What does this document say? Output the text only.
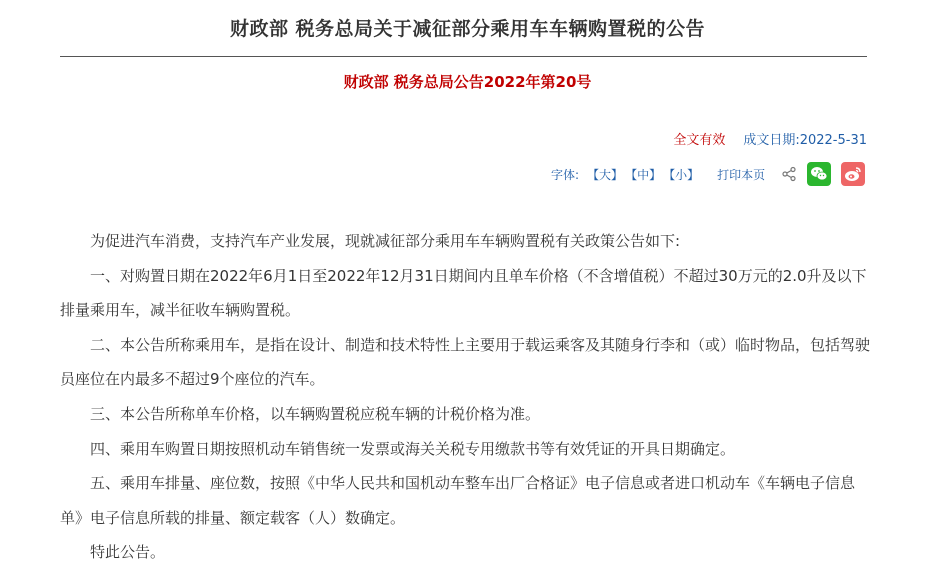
财政部 税务总局关于减征部分乘用车车辆购置税的公告
财政部 税务总局公告2022年第20号
全文有效 成文日期:2022-5-31
字体: 【大】 【中】 【小】 打印本页

为促进汽车消费，支持汽车产业发展，现就减征部分乘用车车辆购置税有关政策公告如下:

一、对购置日期在2022年6月1日至2022年12月31日期间内且单车价格（不含增值税）不超过30万元的2.0升及以下排量乘用车，减半征收车辆购置税。

二、本公告所称乘用车，是指在设计、制造和技术特性上主要用于载运乘客及其随身行李和（或）临时物品，包括驾驶员座位在内最多不超过9个座位的汽车。

三、本公告所称单车价格，以车辆购置税应税车辆的计税价格为准。

四、乘用车购置日期按照机动车销售统一发票或海关关税专用缴款书等有效凭证的开具日期确定。

五、乘用车排量、座位数，按照《中华人民共和国机动车整车出厂合格证》电子信息或者进口机动车《车辆电子信息单》电子信息所载的排量、额定载客（人）数确定。

特此公告。
